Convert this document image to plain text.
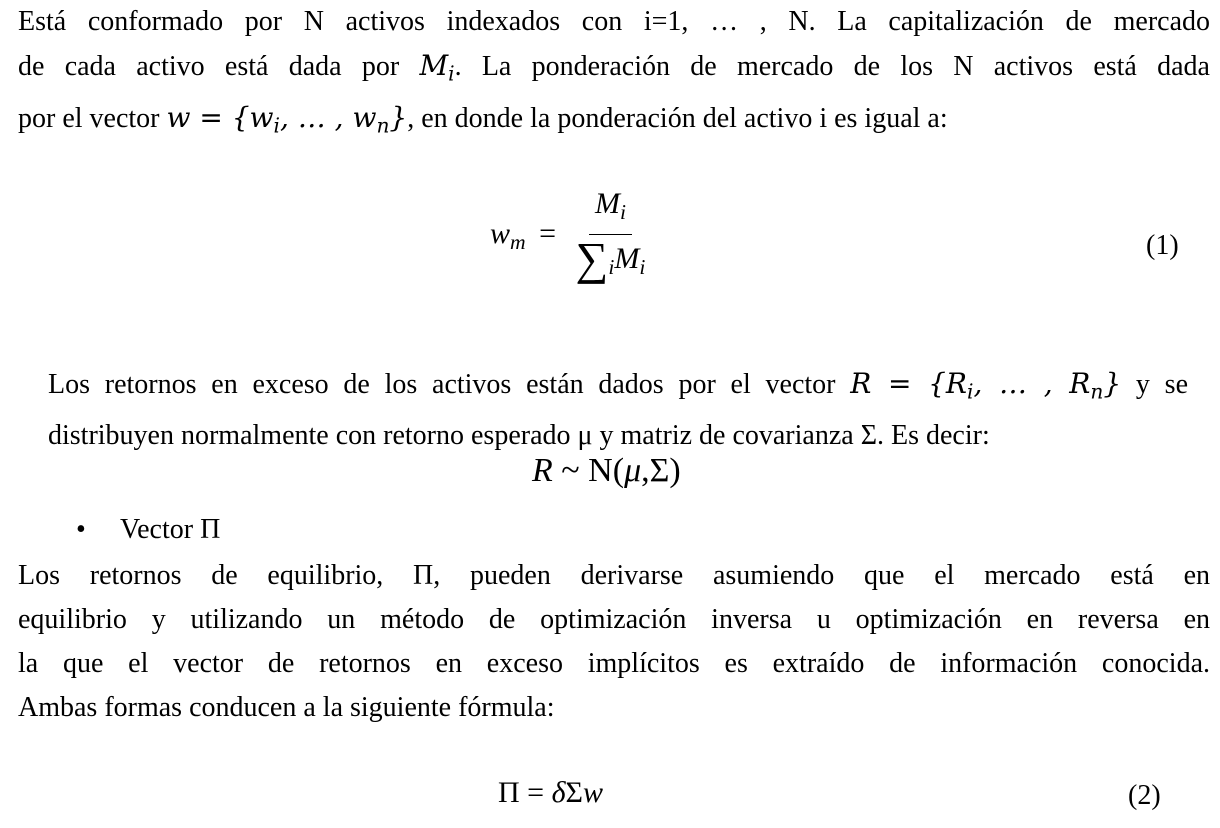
Está conformado por N activos indexados con i=1, … , N. La capitalización de mercado
de cada activo está dada por $M_i$. La ponderación de mercado de los N activos está dada
por el vector $w = \{w_i$, … , $w_n$}, en donde la ponderación del activo i es igual a:
$w_m = \frac{M_i}{\sum_iM_i}$	(1)
Los retornos en exceso de los activos están dados por el vector $R = \{R_i$, … , $R_n$} y se
distribuyen normalmente con retorno esperado μ y matriz de covarianza Σ. Es decir:
R ~ N(μ,Σ)
• Vector Π
Los retornos de equilibrio, Π, pueden derivarse asumiendo que el mercado está en
equilibrio y utilizando un método de optimización inversa u optimización en reversa en
la que el vector de retornos en exceso implícitos es extraído de información conocida.
Ambas formas conducen a la siguiente fórmula:
Π = δΣw	(2)
